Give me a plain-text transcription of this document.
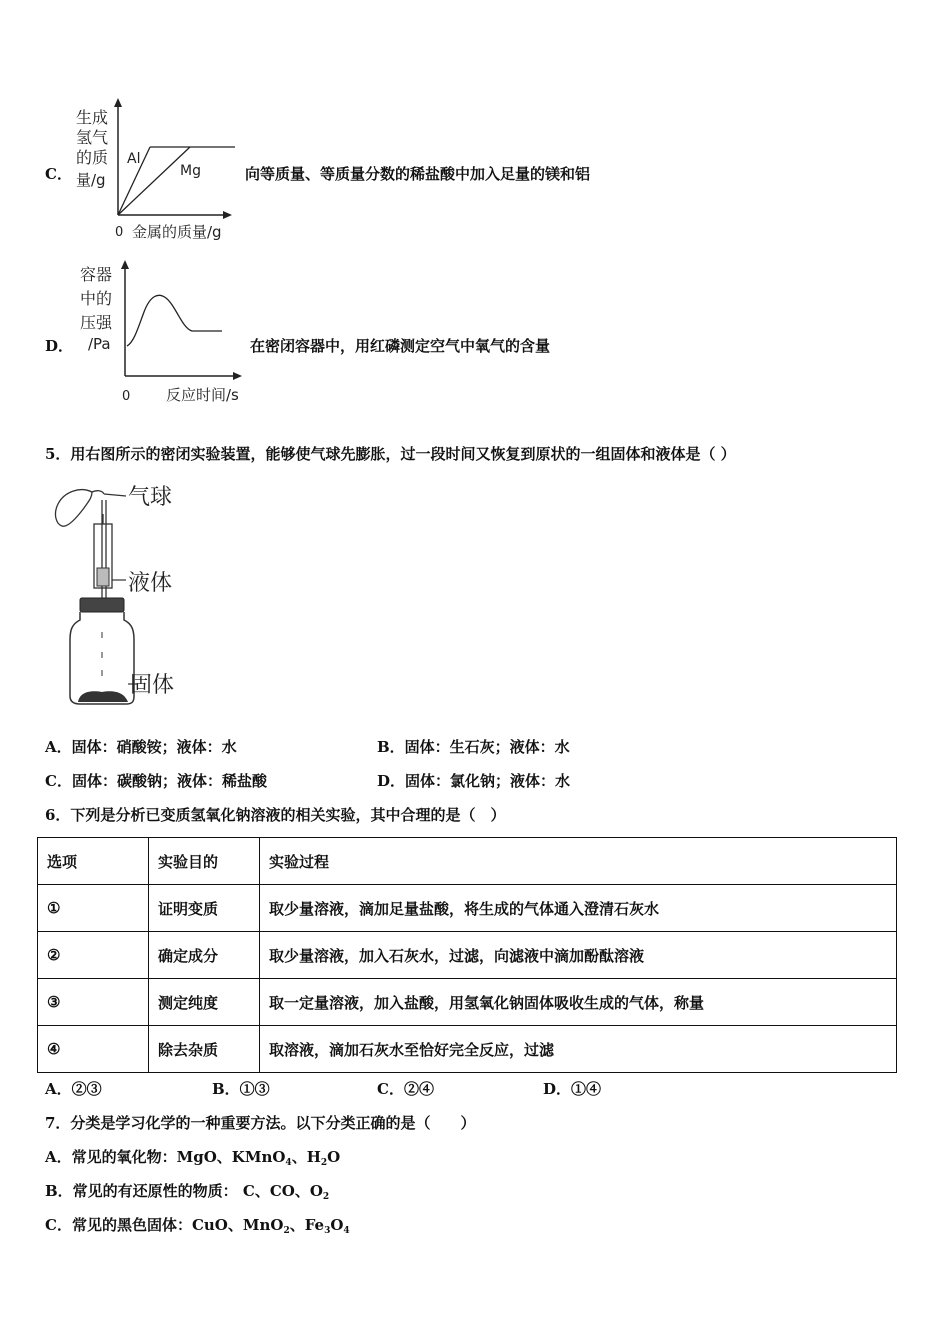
C．
生成
氢气
的质
量/g
Al
Mg
0 金属的质量/g
向等质量、等质量分数的稀盐酸中加入足量的镁和铝
D．
容器
中的
压强
/Pa
0 反应时间/s
在密闭容器中，用红磷测定空气中氧气的含量
5．用右图所示的密闭实验装置，能够使气球先膨胀，过一段时间又恢复到原状的一组固体和液体是（ ）
气球
液体
固体
A．固体：硝酸铵；液体：水	B．固体：生石灰；液体：水
C．固体：碳酸钠；液体：稀盐酸	D．固体：氯化钠；液体：水
6．下列是分析已变质氢氧化钠溶液的相关实验，其中合理的是（　）
选项	实验目的	实验过程
①	证明变质	取少量溶液，滴加足量盐酸，将生成的气体通入澄清石灰水
②	确定成分	取少量溶液，加入石灰水，过滤，向滤液中滴加酚酞溶液
③	测定纯度	取一定量溶液，加入盐酸，用氢氧化钠固体吸收生成的气体，称量
④	除去杂质	取溶液，滴加石灰水至恰好完全反应，过滤
A．②③	B．①③	C．②④	D．①④
7．分类是学习化学的一种重要方法。以下分类正确的是（　　）
A．常见的氧化物：MgO、KMnO$_4$、$H_2O$
B．常见的有还原性的物质： C、CO、$O_2$
C．常见的黑色固体：CuO、MnO$_2$、$Fe_3O_4$
